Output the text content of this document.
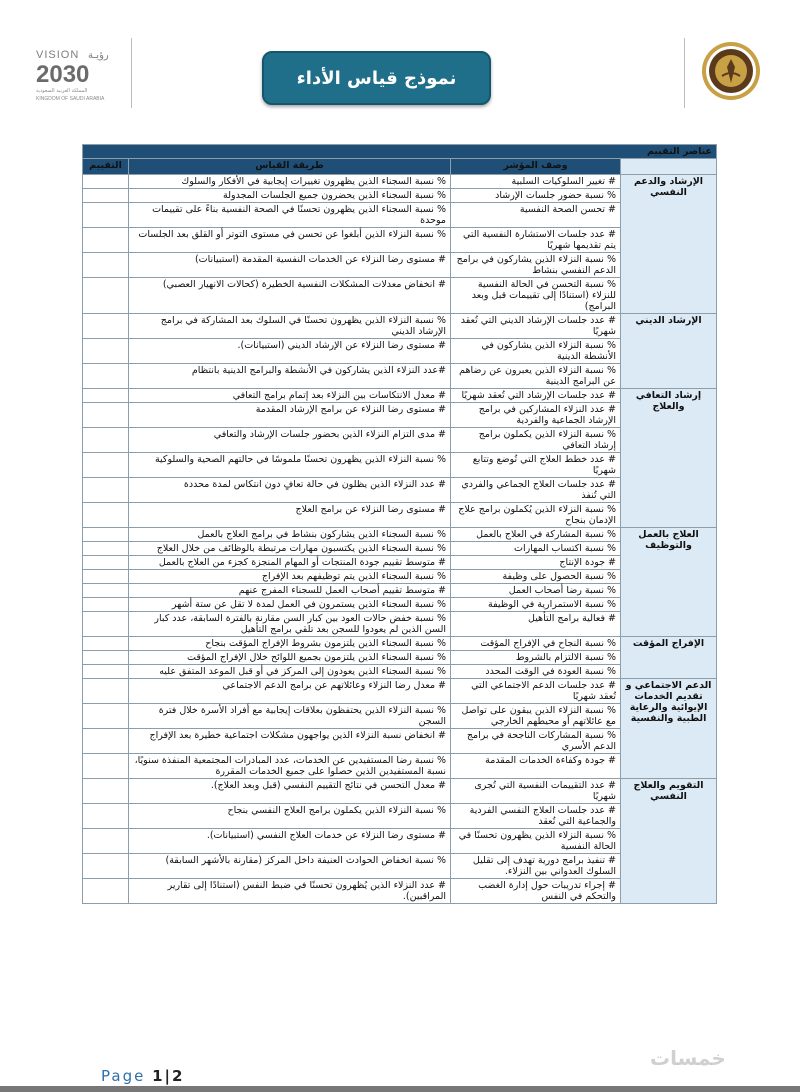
VISION رؤيـة
2030
المملكة العربية السعودية
KINGDOM OF SAUDI ARABIA
نموذج قياس الأداء
عناصر التقييم			
	وصف المؤشر	طريقة القياس	التقييم
الإرشاد والدعم النفسي	# تغيير السلوكيات السلبية	% نسبة السجناء الذين يظهرون تغييرات إيجابية في الأفكار والسلوك	
	% نسبة حضور جلسات الإرشاد	% نسبة السجناء الذين يحضرون جميع الجلسات المجدولة	
	# تحسن الصحة النفسية	% نسبة السجناء الذين يظهرون تحسنًا في الصحة النفسية بناءً على تقييمات موحدة	
	# عدد جلسات الاستشارة النفسية التي يتم تقديمها شهريًا	% نسبة النزلاء الذين أبلغوا عن تحسن في مستوى التوتر أو القلق بعد الجلسات	
	% نسبة النزلاء الذين يشاركون في برامج الدعم النفسي بنشاط	# مستوى رضا النزلاء عن الخدمات النفسية المقدمة (استبيانات)	
	% نسبة التحسن في الحالة النفسية للنزلاء (استنادًا إلى تقييمات قبل وبعد البرامج)	# انخفاض معدلات المشكلات النفسية الخطيرة (كحالات الانهيار العصبي)	
الإرشاد الديني	# عدد جلسات الإرشاد الديني التي تُعقد شهريًا	% نسبة النزلاء الذين يظهرون تحسنًا في السلوك بعد المشاركة في برامج الإرشاد الديني	
	% نسبة النزلاء الذين يشاركون في الأنشطة الدينية	# مستوى رضا النزلاء عن الإرشاد الديني (استبيانات).	
	% نسبة النزلاء الذين يعبرون عن رضاهم عن البرامج الدينية	#عدد النزلاء الذين يشاركون في الأنشطة والبرامج الدينية بانتظام	
إرشاد التعافي والعلاج	# عدد جلسات الإرشاد التي تُعقد شهريًا	# معدل الانتكاسات بين النزلاء بعد إتمام برامج التعافي	
	# عدد النزلاء المشاركين في برامج الإرشاد الجماعية والفردية	# مستوى رضا النزلاء عن برامج الإرشاد المقدمة	
	% نسبة النزلاء الذين يكملون برامج إرشاد التعافي	# مدى التزام النزلاء الذين بحضور جلسات الإرشاد والتعافي	
	# عدد خطط العلاج التي تُوضع وتتابع شهريًا	% نسبة النزلاء الذين يظهرون تحسنًا ملموسًا في حالتهم الصحية والسلوكية	
	# عدد جلسات العلاج الجماعي والفردي التي تُنفذ	# عدد النزلاء الذين يظلون في حالة تعافٍ دون انتكاس لمدة محددة	
	% نسبة النزلاء الذين يُكملون برامج علاج الإدمان بنجاح	# مستوى رضا النزلاء عن برامج العلاج	
العلاج بالعمل والتوظيف	% نسبة المشاركة في العلاج بالعمل	% نسبة السجناء الذين يشاركون بنشاط في برامج العلاج بالعمل	
	% نسبة اكتساب المهارات	% نسبة السجناء الذين يكتسبون مهارات مرتبطة بالوظائف من خلال العلاج	
	# جودة الإنتاج	# متوسط تقييم جودة المنتجات أو المهام المنجزة كجزء من العلاج بالعمل	
	% نسبة الحصول على وظيفة	% نسبة السجناء الذين يتم توظيفهم بعد الإفراج	
	% نسبة رضا أصحاب العمل	# متوسط تقييم أصحاب العمل للسجناء المفرج عنهم	
	% نسبة الاستمرارية في الوظيفة	% نسبة السجناء الذين يستمرون في العمل لمدة لا تقل عن ستة أشهر	
	# فعالية برامج التأهيل	% نسبة خفض حالات العود بين كبار السن مقارنة بالفترة السابقة، عدد كبار السن الذين لم يعودوا للسجن بعد تلقي برامج التأهيل	
الإفراج المؤقت	% نسبة النجاح في الإفراج المؤقت	% نسبة السجناء الذين يلتزمون بشروط الإفراج المؤقت بنجاح	
	% نسبة الالتزام بالشروط	% نسبة السجناء الذين يلتزمون بجميع اللوائح خلال الإفراج المؤقت	
	% نسبة العودة في الوقت المحدد	% نسبة السجناء الذين يعودون إلى المركز في أو قبل الموعد المتفق عليه	
الدعم الاجتماعي و تقديم الخدمات الإيوائية والرعاية الطبية والنفسية	# عدد جلسات الدعم الاجتماعي التي تُعقد شهريًا	# معدل رضا النزلاء وعائلاتهم عن برامج الدعم الاجتماعي	
	% نسبة النزلاء الذين يبقون على تواصل مع عائلاتهم أو محيطهم الخارجي	% نسبة النزلاء الذين يحتفظون بعلاقات إيجابية مع أفراد الأسرة خلال فترة السجن	
	% نسبة المشاركات الناجحة في برامج الدعم الأسري	# انخفاض نسبة النزلاء الذين يواجهون مشكلات اجتماعية خطيرة بعد الإفراج	
	# جودة وكفاءة الخدمات المقدمة	% نسبة رضا المستفيدين عن الخدمات، عدد المبادرات المجتمعية المنفذة سنويًا، نسبة المستفيدين الذين حصلوا على جميع الخدمات المقررة	
التقويم والعلاج النفسي	# عدد التقييمات النفسية التي تُجرى شهريًا	# معدل التحسن في نتائج التقييم النفسي (قبل وبعد العلاج).	
	# عدد جلسات العلاج النفسي الفردية والجماعية التي تُعقد	% نسبة النزلاء الذين يكملون برامج العلاج النفسي بنجاح	
	% نسبة النزلاء الذين يظهرون تحسنًا في الحالة النفسية	# مستوى رضا النزلاء عن خدمات العلاج النفسي (استبيانات).	
	# تنفيذ برامج دورية تهدف إلى تقليل السلوك العدواني بين النزلاء.	% نسبة انخفاض الحوادث العنيفة داخل المركز (مقارنة بالأشهر السابقة)	
	# إجراء تدريبات حول إدارة الغضب والتحكم في النفس	# عدد النزلاء الذين يُظهرون تحسنًا في ضبط النفس (استنادًا إلى تقارير المراقبين).	
Page 1|2
خمسات
